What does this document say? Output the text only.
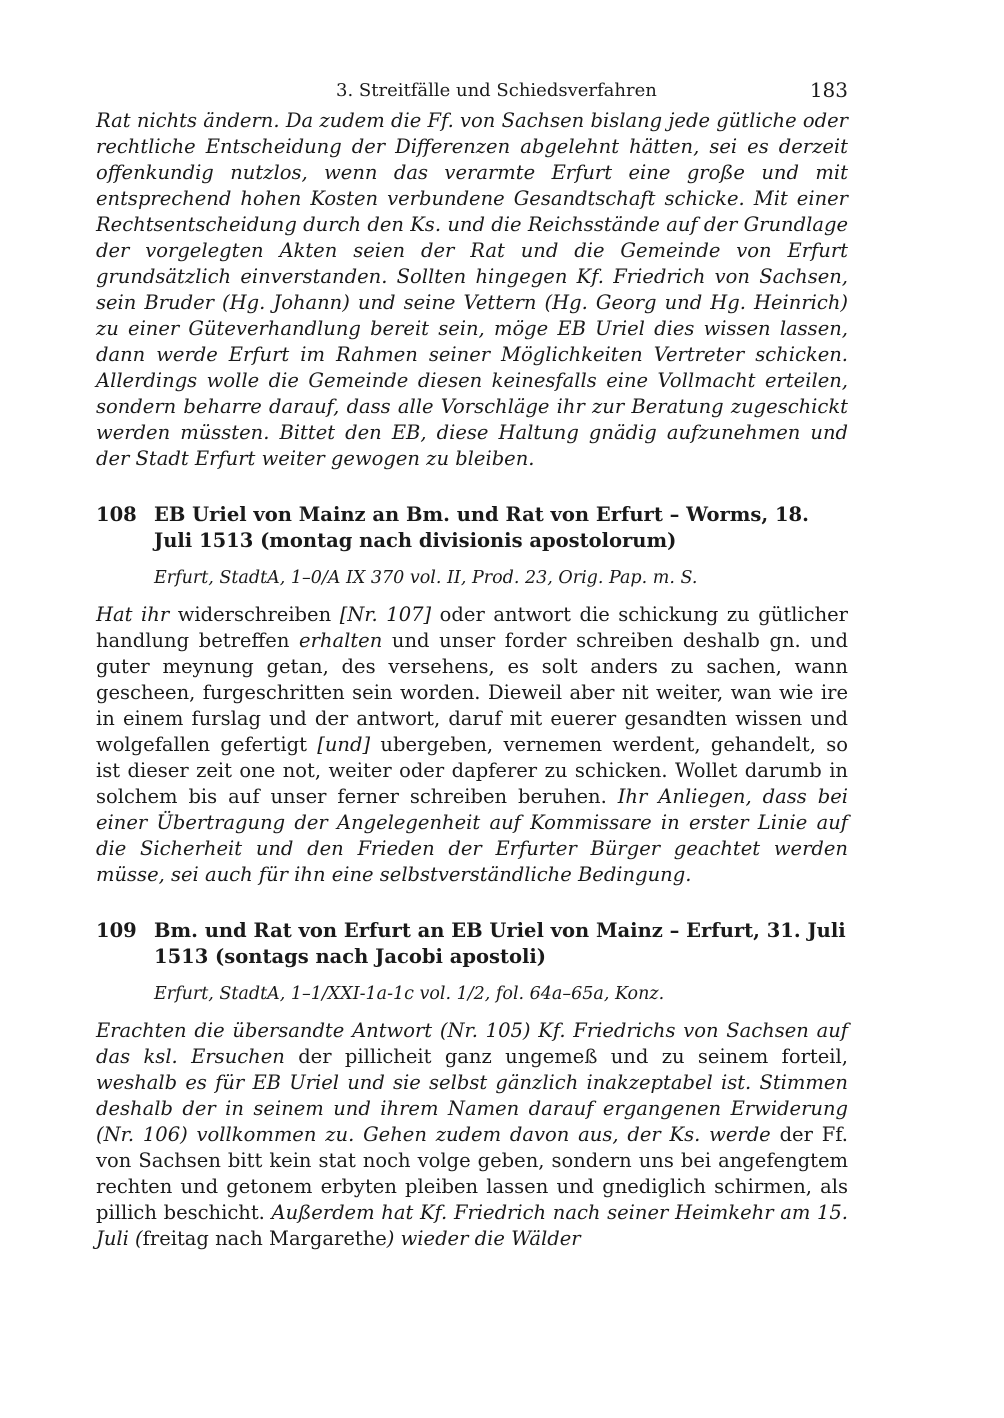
3. Streitfälle und Schiedsverfahren	183

Rat nichts ändern. Da zudem die Ff. von Sachsen bislang jede gütliche oder rechtliche Entscheidung der Differenzen abgelehnt hätten, sei es derzeit offenkundig nutzlos, wenn das verarmte Erfurt eine große und mit entsprechend hohen Kosten verbundene Gesandtschaft schicke. Mit einer Rechtsentscheidung durch den Ks. und die Reichsstände auf der Grundlage der vorgelegten Akten seien der Rat und die Gemeinde von Erfurt grundsätzlich einverstanden. Sollten hingegen Kf. Friedrich von Sachsen, sein Bruder (Hg. Johann) und seine Vettern (Hg. Georg und Hg. Heinrich) zu einer Güteverhandlung bereit sein, möge EB Uriel dies wissen lassen, dann werde Erfurt im Rahmen seiner Möglichkeiten Vertreter schicken. Allerdings wolle die Gemeinde diesen keinesfalls eine Vollmacht erteilen, sondern beharre darauf, dass alle Vorschläge ihr zur Beratung zugeschickt werden müssten. Bittet den EB, diese Haltung gnädig aufzunehmen und der Stadt Erfurt weiter gewogen zu bleiben.

108 EB Uriel von Mainz an Bm. und Rat von Erfurt – Worms, 18. Juli 1513 (montag nach divisionis apostolorum)
Erfurt, StadtA, 1–0/A IX 370 vol. II, Prod. 23, Orig. Pap. m. S.

Hat ihr widerschreiben [Nr. 107] oder antwort die schickung zu gütlicher handlung betreffen erhalten und unser forder schreiben deshalb gn. und guter meynung getan, des versehens, es solt anders zu sachen, wann gescheen, furgeschritten sein worden. Dieweil aber nit weiter, wan wie ire in einem furslag und der antwort, daruf mit euerer gesandten wissen und wolgefallen gefertigt [und] ubergeben, vernemen werdent, gehandelt, so ist dieser zeit one not, weiter oder dapferer zu schicken. Wollet darumb in solchem bis auf unser ferner schreiben beruhen. Ihr Anliegen, dass bei einer Übertragung der Angelegenheit auf Kommissare in erster Linie auf die Sicherheit und den Frieden der Erfurter Bürger geachtet werden müsse, sei auch für ihn eine selbstverständliche Bedingung.

109 Bm. und Rat von Erfurt an EB Uriel von Mainz – Erfurt, 31. Juli 1513 (sontags nach Jacobi apostoli)
Erfurt, StadtA, 1–1/XXI-1a-1c vol. 1/2, fol. 64a–65a, Konz.

Erachten die übersandte Antwort (Nr. 105) Kf. Friedrichs von Sachsen auf das ksl. Ersuchen der pillicheit ganz ungemeß und zu seinem forteil, weshalb es für EB Uriel und sie selbst gänzlich inakzeptabel ist. Stimmen deshalb der in seinem und ihrem Namen darauf ergangenen Erwiderung (Nr. 106) vollkommen zu. Gehen zudem davon aus, der Ks. werde der Ff. von Sachsen bitt kein stat noch volge geben, sondern uns bei angefengtem rechten und getonem erbyten pleiben lassen und gnediglich schirmen, als pillich beschicht. Außerdem hat Kf. Friedrich nach seiner Heimkehr am 15. Juli (freitag nach Margarethe) wieder die Wälder
